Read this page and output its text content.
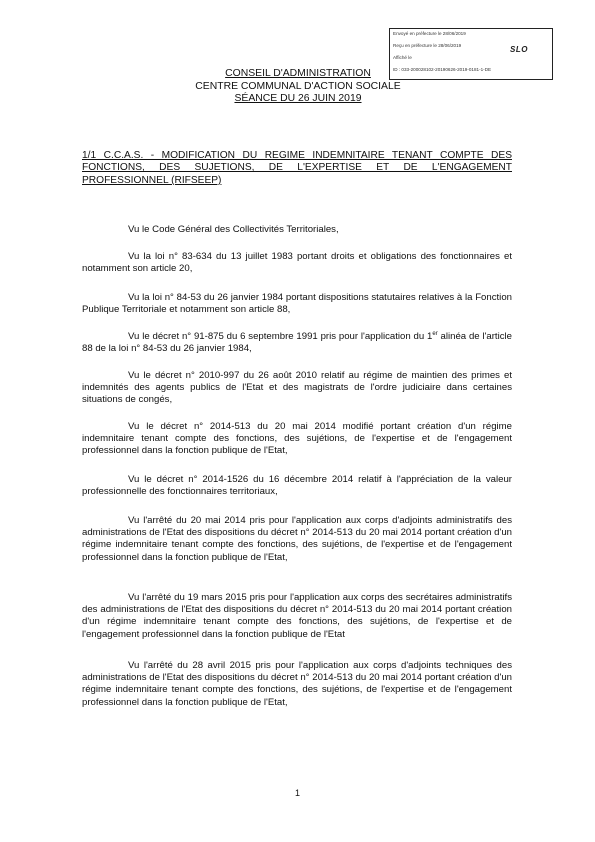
Envoyé en préfecture le 28/06/2019
Reçu en préfecture le 28/06/2019
Affiché le
ID : 033-200028102-20190626-2019-0181-1-DE
SLO
CONSEIL D'ADMINISTRATION
CENTRE COMMUNAL D'ACTION SOCIALE
SÉANCE DU 26 JUIN 2019
1/1 C.C.A.S. - MODIFICATION DU REGIME INDEMNITAIRE TENANT COMPTE DES FONCTIONS, DES SUJETIONS, DE L'EXPERTISE ET DE L'ENGAGEMENT PROFESSIONNEL (RIFSEEP)
Vu le Code Général des Collectivités Territoriales,
Vu la loi n° 83-634 du 13 juillet 1983 portant droits et obligations des fonctionnaires et notamment son article 20,
Vu la loi n° 84-53 du 26 janvier 1984 portant dispositions statutaires relatives à la Fonction Publique Territoriale et notamment son article 88,
Vu le décret n° 91-875 du 6 septembre 1991 pris pour l'application du 1er alinéa de l'article 88 de la loi n° 84-53 du 26 janvier 1984,
Vu le décret n° 2010-997 du 26 août 2010 relatif au régime de maintien des primes et indemnités des agents publics de l'Etat et des magistrats de l'ordre judiciaire dans certaines situations de congés,
Vu le décret n° 2014-513 du 20 mai 2014 modifié portant création d'un régime indemnitaire tenant compte des fonctions, des sujétions, de l'expertise et de l'engagement professionnel dans la fonction publique de l'Etat,
Vu le décret n° 2014-1526 du 16 décembre 2014 relatif à l'appréciation de la valeur professionnelle des fonctionnaires territoriaux,
Vu l'arrêté du 20 mai 2014 pris pour l'application aux corps d'adjoints administratifs des administrations de l'Etat des dispositions du décret n° 2014-513 du 20 mai 2014 portant création d'un régime indemnitaire tenant compte des fonctions, des sujétions, de l'expertise et de l'engagement professionnel dans la fonction publique de l'Etat,
Vu l'arrêté du 19 mars 2015 pris pour l'application aux corps des secrétaires administratifs des administrations de l'Etat des dispositions du décret n° 2014-513 du 20 mai 2014 portant création d'un régime indemnitaire tenant compte des fonctions, des sujétions, de l'expertise et de l'engagement professionnel dans la fonction publique de l'Etat
Vu l'arrêté du 28 avril 2015 pris pour l'application aux corps d'adjoints techniques des administrations de l'Etat des dispositions du décret n° 2014-513 du 20 mai 2014 portant création d'un régime indemnitaire tenant compte des fonctions, des sujétions, de l'expertise et de l'engagement professionnel dans la fonction publique de l'Etat,
1
